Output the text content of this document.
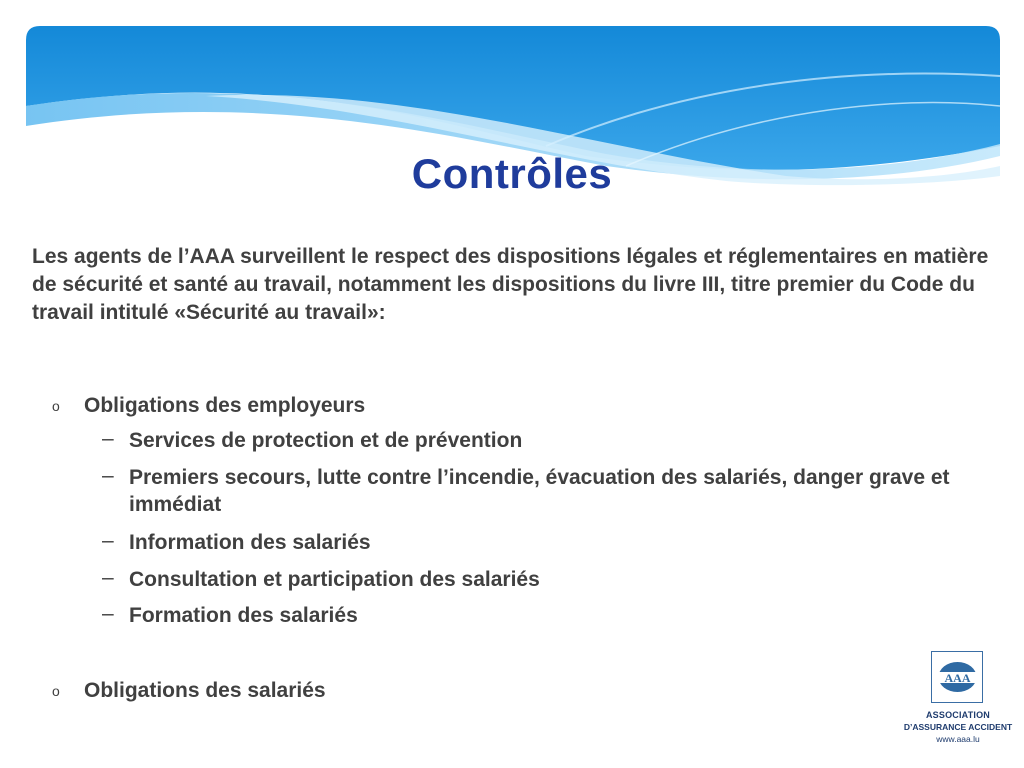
Contrôles

Les agents de l’AAA surveillent le respect des dispositions légales et réglementaires en matière de sécurité et santé au travail, notamment les dispositions du livre III, titre premier du Code du travail intitulé «Sécurité au travail»:

o Obligations des employeurs
– Services de protection et de prévention
– Premiers secours, lutte contre l’incendie, évacuation des salariés, danger grave et immédiat
– Information des salariés
– Consultation et participation des salariés
– Formation des salariés
o Obligations des salariés
AAA
ASSOCIATION
D’ASSURANCE ACCIDENT
www.aaa.lu
